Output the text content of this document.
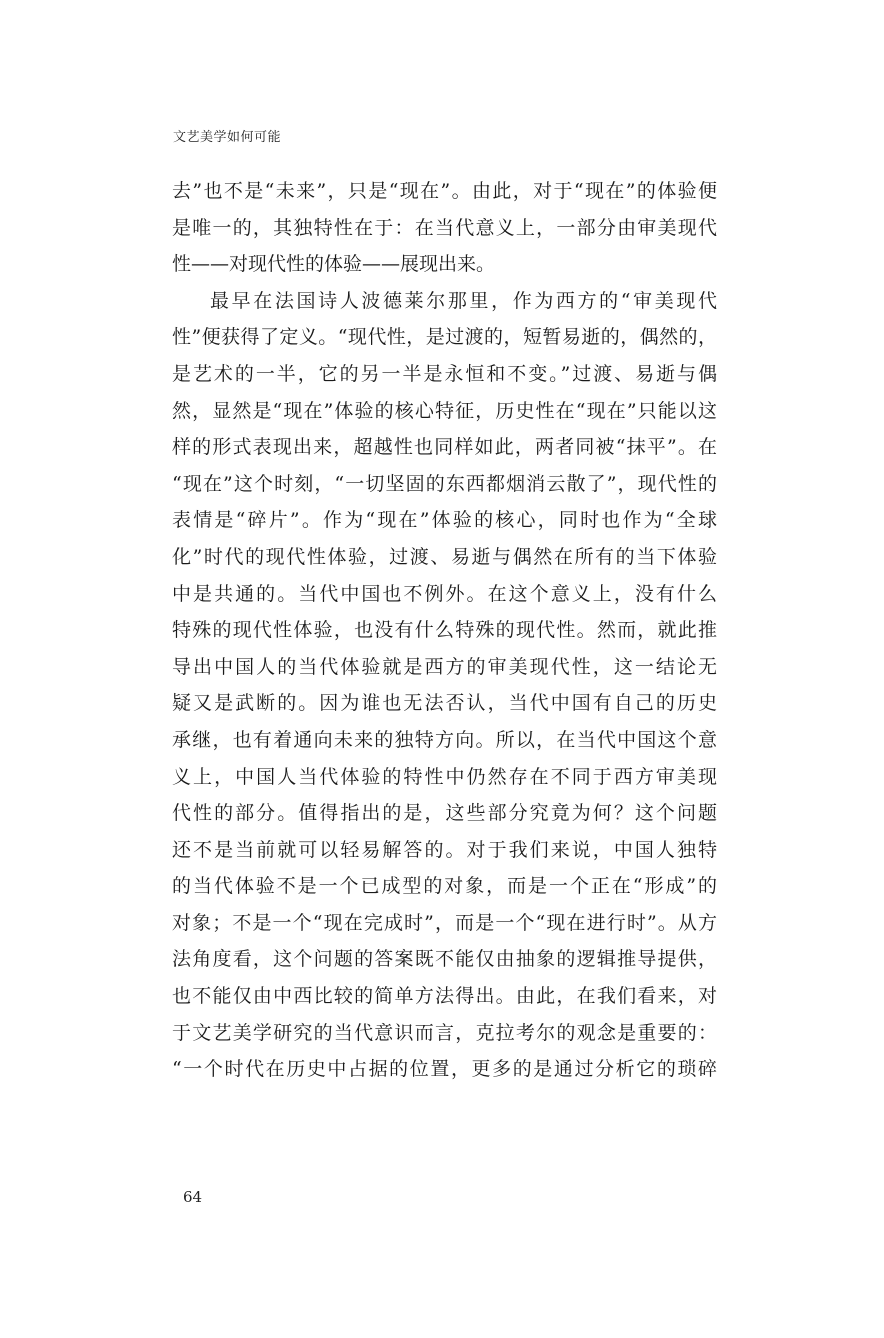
文艺美学如何可能
去”也不是“未来”，只是“现在”。由此，对于“现在”的体验便
是唯一的，其独特性在于：在当代意义上，一部分由审美现代
性——对现代性的体验——展现出来。
最早在法国诗人波德莱尔那里，作为西方的“审美现代
性”便获得了定义。“现代性，是过渡的，短暂易逝的，偶然的，
是艺术的一半，它的另一半是永恒和不变。”过渡、易逝与偶
然，显然是“现在”体验的核心特征，历史性在“现在”只能以这
样的形式表现出来，超越性也同样如此，两者同被“抹平”。在
“现在”这个时刻，“一切坚固的东西都烟消云散了”，现代性的
表情是“碎片”。作为“现在”体验的核心，同时也作为“全球
化”时代的现代性体验，过渡、易逝与偶然在所有的当下体验
中是共通的。当代中国也不例外。在这个意义上，没有什么
特殊的现代性体验，也没有什么特殊的现代性。然而，就此推
导出中国人的当代体验就是西方的审美现代性，这一结论无
疑又是武断的。因为谁也无法否认，当代中国有自己的历史
承继，也有着通向未来的独特方向。所以，在当代中国这个意
义上，中国人当代体验的特性中仍然存在不同于西方审美现
代性的部分。值得指出的是，这些部分究竟为何？这个问题
还不是当前就可以轻易解答的。对于我们来说，中国人独特
的当代体验不是一个已成型的对象，而是一个正在“形成”的
对象；不是一个“现在完成时”，而是一个“现在进行时”。从方
法角度看，这个问题的答案既不能仅由抽象的逻辑推导提供，
也不能仅由中西比较的简单方法得出。由此，在我们看来，对
于文艺美学研究的当代意识而言，克拉考尔的观念是重要的：
“一个时代在历史中占据的位置，更多的是通过分析它的琐碎
64
